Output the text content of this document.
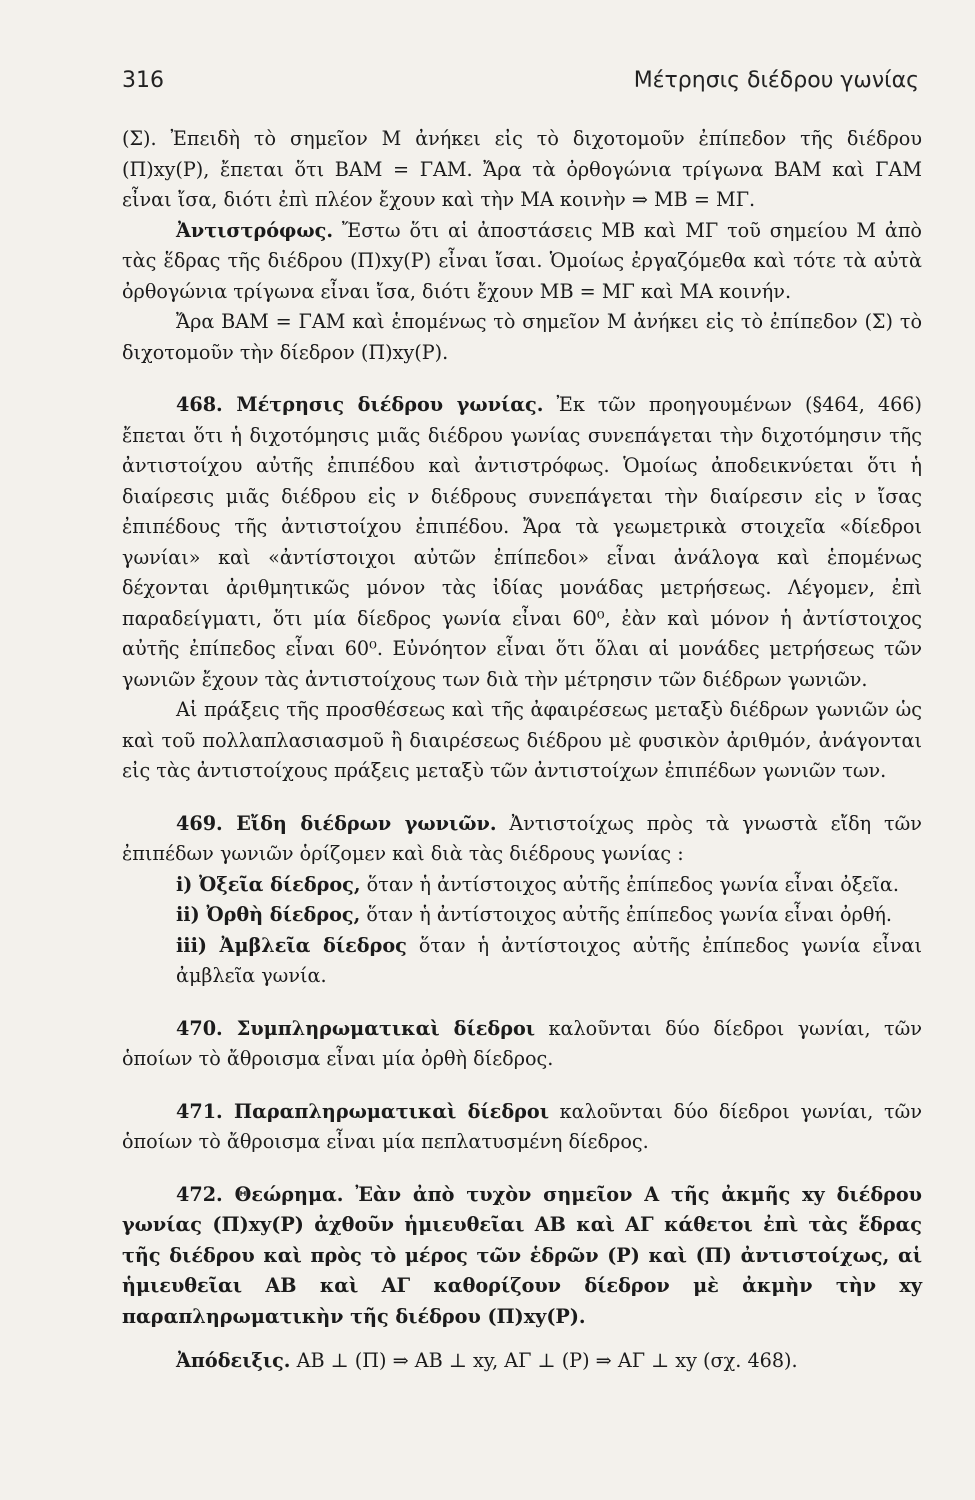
316	Μέτρησις διέδρου γωνίας

(Σ). Ἐπειδὴ τὸ σημεῖον Μ ἀνήκει εἰς τὸ διχοτομοῦν ἐπίπεδον τῆς διέδρου (Π)xy(Ρ), ἔπεται ὅτι ΒΑΜ = ΓΑΜ. Ἄρα τὰ ὀρθογώνια τρίγωνα ΒΑΜ καὶ ΓΑΜ εἶναι ἴσα, διότι ἐπὶ πλέον ἔχουν καὶ τὴν ΜΑ κοινὴν ⇒ ΜΒ = ΜΓ.

Ἀντιστρόφως. Ἔστω ὅτι αἱ ἀποστάσεις ΜΒ καὶ ΜΓ τοῦ σημείου Μ ἀπὸ τὰς ἕδρας τῆς διέδρου (Π)xy(Ρ) εἶναι ἴσαι. Ὁμοίως ἐργαζόμεθα καὶ τότε τὰ αὐτὰ ὀρθογώνια τρίγωνα εἶναι ἴσα, διότι ἔχουν ΜΒ = ΜΓ καὶ ΜΑ κοινήν.

Ἄρα ΒΑΜ = ΓΑΜ καὶ ἑπομένως τὸ σημεῖον Μ ἀνήκει εἰς τὸ ἐπίπεδον (Σ) τὸ διχοτομοῦν τὴν δίεδρον (Π)xy(Ρ).

468. Μέτρησις διέδρου γωνίας. Ἐκ τῶν προηγουμένων (§464, 466) ἔπεται ὅτι ἡ διχοτόμησις μιᾶς διέδρου γωνίας συνεπάγεται τὴν διχοτόμησιν τῆς ἀντιστοίχου αὐτῆς ἐπιπέδου καὶ ἀντιστρόφως. Ὁμοίως ἀποδεικνύεται ὅτι ἡ διαίρεσις μιᾶς διέδρου εἰς ν διέδρους συνεπάγεται τὴν διαίρεσιν εἰς ν ἴσας ἐπιπέδους τῆς ἀντιστοίχου ἐπιπέδου. Ἄρα τὰ γεωμετρικὰ στοιχεῖα «δίεδροι γωνίαι» καὶ «ἀντίστοιχοι αὐτῶν ἐπίπεδοι» εἶναι ἀνάλογα καὶ ἑπομένως δέχονται ἀριθμητικῶς μόνον τὰς ἰδίας μονάδας μετρήσεως. Λέγομεν, ἐπὶ παραδείγματι, ὅτι μία δίεδρος γωνία εἶναι 60⁰, ἐὰν καὶ μόνον ἡ ἀντίστοιχος αὐτῆς ἐπίπεδος εἶναι 60⁰. Εὐνόητον εἶναι ὅτι ὅλαι αἱ μονάδες μετρήσεως τῶν γωνιῶν ἔχουν τὰς ἀντιστοίχους των διὰ τὴν μέτρησιν τῶν διέδρων γωνιῶν.

Αἱ πράξεις τῆς προσθέσεως καὶ τῆς ἀφαιρέσεως μεταξὺ διέδρων γωνιῶν ὡς καὶ τοῦ πολλαπλασιασμοῦ ἢ διαιρέσεως διέδρου μὲ φυσικὸν ἀριθμόν, ἀνάγονται εἰς τὰς ἀντιστοίχους πράξεις μεταξὺ τῶν ἀντιστοίχων ἐπιπέδων γωνιῶν των.

469. Εἴδη διέδρων γωνιῶν. Ἀντιστοίχως πρὸς τὰ γνωστὰ εἴδη τῶν ἐπιπέδων γωνιῶν ὁρίζομεν καὶ διὰ τὰς διέδρους γωνίας :

i) Ὀξεῖα δίεδρος, ὅταν ἡ ἀντίστοιχος αὐτῆς ἐπίπεδος γωνία εἶναι ὀξεῖα.

ii) Ὀρθὴ δίεδρος, ὅταν ἡ ἀντίστοιχος αὐτῆς ἐπίπεδος γωνία εἶναι ὀρθή.

iii) Ἀμβλεῖα δίεδρος ὅταν ἡ ἀντίστοιχος αὐτῆς ἐπίπεδος γωνία εἶναι ἀμβλεῖα γωνία.

470. Συμπληρωματικαὶ δίεδροι καλοῦνται δύο δίεδροι γωνίαι, τῶν ὁποίων τὸ ἄθροισμα εἶναι μία ὀρθὴ δίεδρος.

471. Παραπληρωματικαὶ δίεδροι καλοῦνται δύο δίεδροι γωνίαι, τῶν ὁποίων τὸ ἄθροισμα εἶναι μία πεπλατυσμένη δίεδρος.

472. Θεώρημα. Ἐὰν ἀπὸ τυχὸν σημεῖον Α τῆς ἀκμῆς xy διέδρου γωνίας (Π)xy(Ρ) ἀχθοῦν ἡμιευθεῖαι ΑΒ καὶ ΑΓ κάθετοι ἐπὶ τὰς ἕδρας τῆς διέδρου καὶ πρὸς τὸ μέρος τῶν ἑδρῶν (Ρ) καὶ (Π) ἀντιστοίχως, αἱ ἡμιευθεῖαι ΑΒ καὶ ΑΓ καθορίζουν δίεδρον μὲ ἀκμὴν τὴν xy παραπληρωματικὴν τῆς διέδρου (Π)xy(Ρ).

Ἀπόδειξις. ΑΒ ⊥ (Π) ⇒ ΑΒ ⊥ xy, ΑΓ ⊥ (Ρ) ⇒ ΑΓ ⊥ xy (σχ. 468).
